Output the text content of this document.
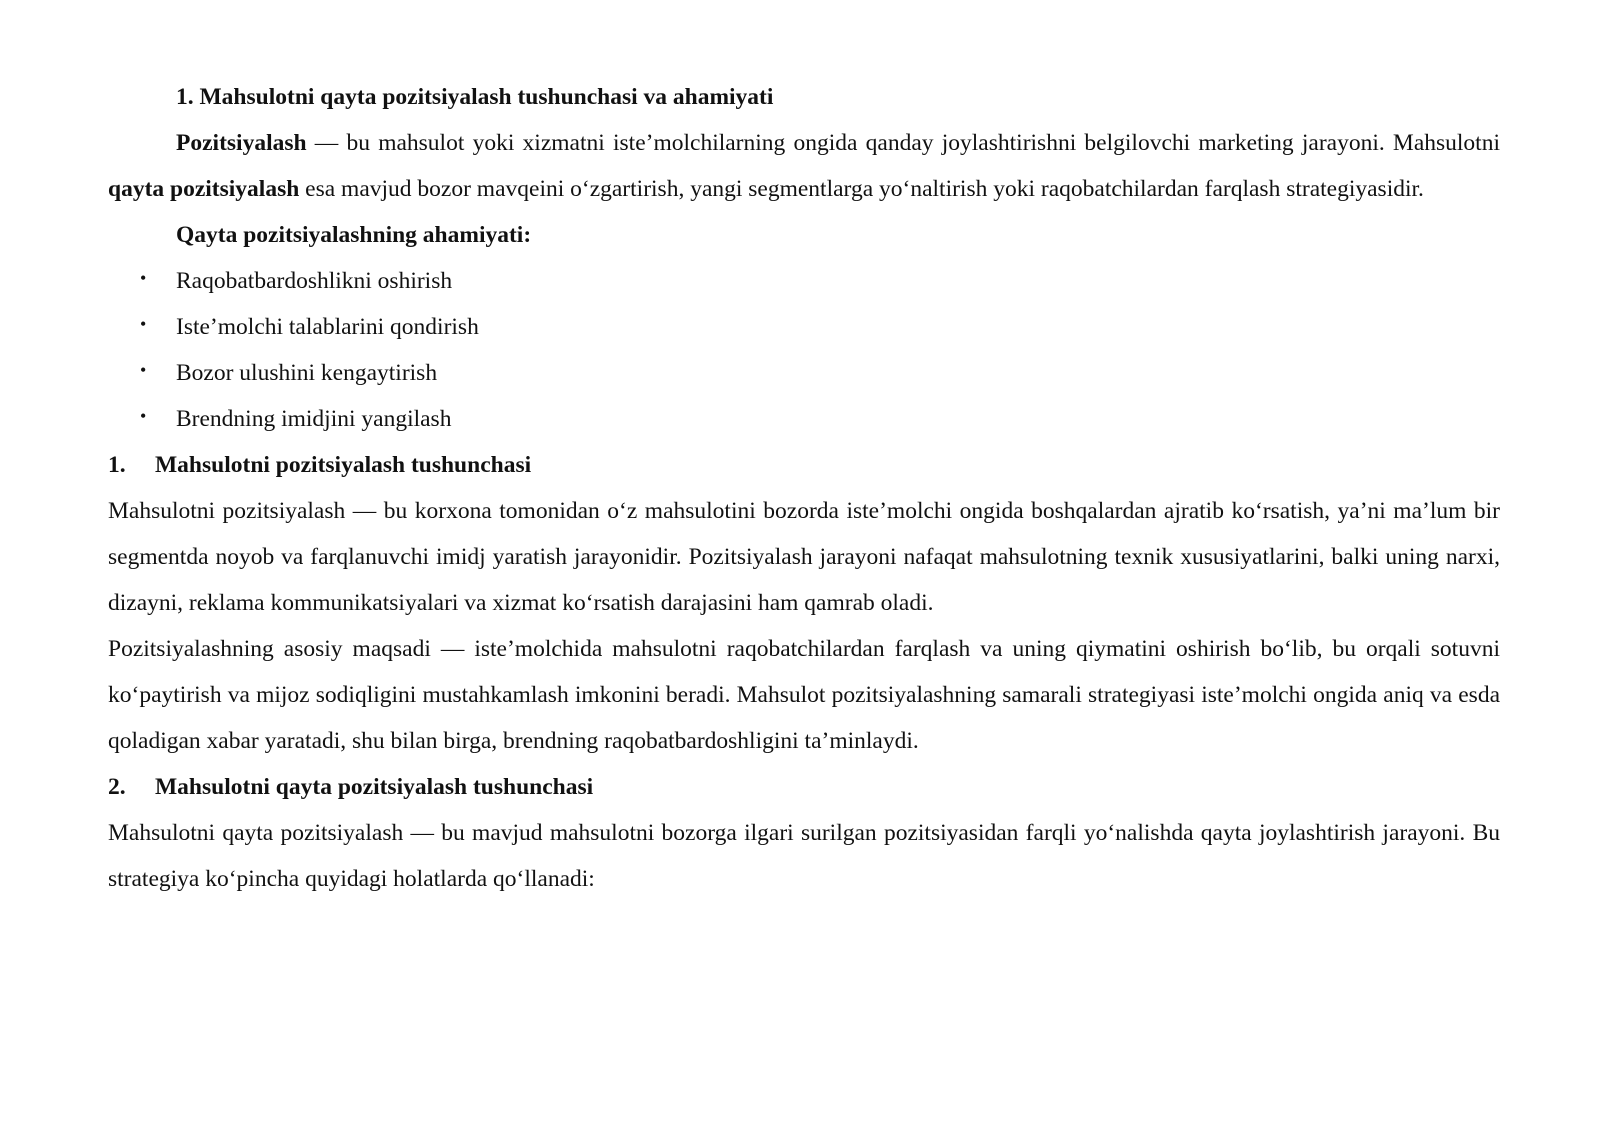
1. Mahsulotni qayta pozitsiyalash tushunchasi va ahamiyati

Pozitsiyalash — bu mahsulot yoki xizmatni iste’molchilarning ongida qanday joylashtirishni belgilovchi marketing jarayoni. Mahsulotni qayta pozitsiyalash esa mavjud bozor mavqeini o‘zgartirish, yangi segmentlarga yo‘naltirish yoki raqobatchilardan farqlash strategiyasidir.

Qayta pozitsiyalashning ahamiyati:

• Raqobatbardoshlikni oshirish
• Iste’molchi talablarini qondirish
• Bozor ulushini kengaytirish
• Brendning imidjini yangilash

1.	Mahsulotni pozitsiyalash tushunchasi

Mahsulotni pozitsiyalash — bu korxona tomonidan o‘z mahsulotini bozorda iste’molchi ongida boshqalardan ajratib ko‘rsatish, ya’ni ma’lum bir segmentda noyob va farqlanuvchi imidj yaratish jarayonidir. Pozitsiyalash jarayoni nafaqat mahsulotning texnik xususiyatlarini, balki uning narxi, dizayni, reklama kommunikatsiyalari va xizmat ko‘rsatish darajasini ham qamrab oladi.

Pozitsiyalashning asosiy maqsadi — iste’molchida mahsulotni raqobatchilardan farqlash va uning qiymatini oshirish bo‘lib, bu orqali sotuvni ko‘paytirish va mijoz sodiqligini mustahkamlash imkonini beradi. Mahsulot pozitsiyalashning samarali strategiyasi iste’molchi ongida aniq va esda qoladigan xabar yaratadi, shu bilan birga, brendning raqobatbardoshligini ta’minlaydi.

2.	Mahsulotni qayta pozitsiyalash tushunchasi

Mahsulotni qayta pozitsiyalash — bu mavjud mahsulotni bozorga ilgari surilgan pozitsiyasidan farqli yo‘nalishda qayta joylashtirish jarayoni. Bu strategiya ko‘pincha quyidagi holatlarda qo‘llanadi:
